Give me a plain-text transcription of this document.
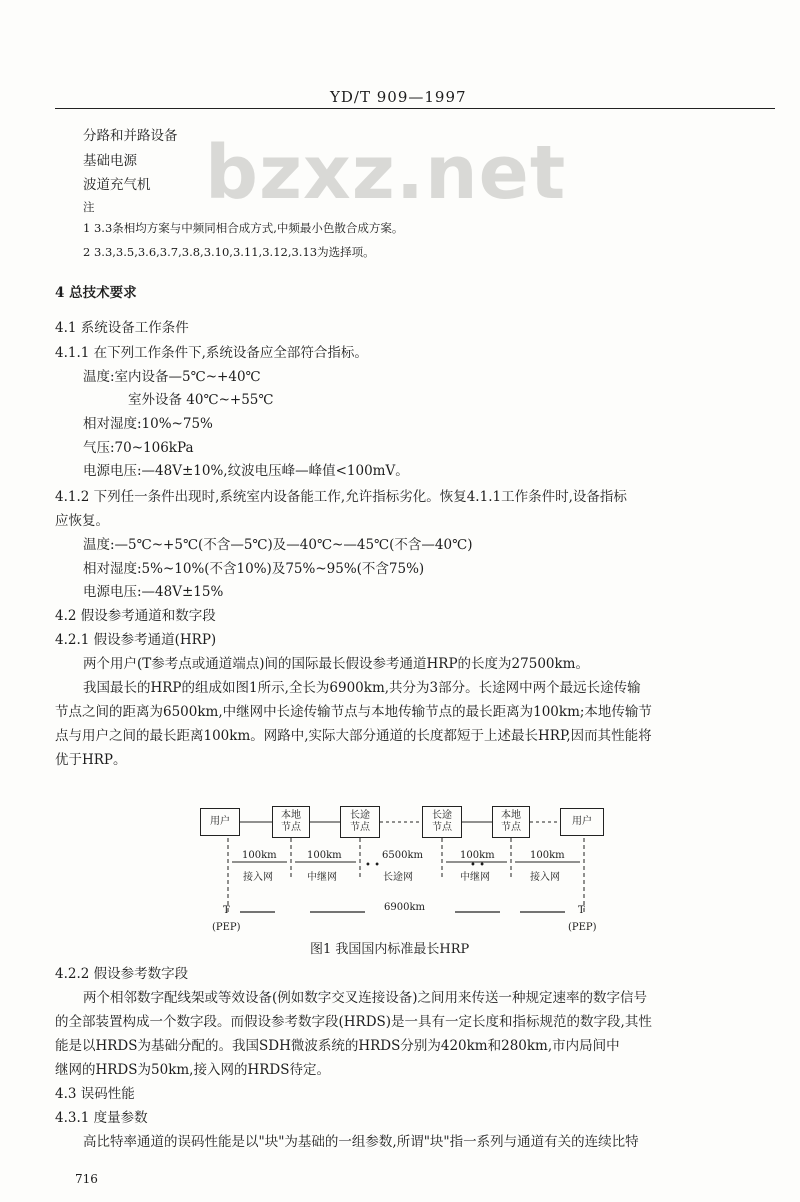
YD/T 909—1997
bzxz.net
分路和并路设备
基础电源
波道充气机
注
1 3.3条相均方案与中频同相合成方式,中频最小色散合成方案。
2 3.3,3.5,3.6,3.7,3.8,3.10,3.11,3.12,3.13为选择项。
4 总技术要求
4.1 系统设备工作条件
4.1.1 在下列工作条件下,系统设备应全部符合指标。
温度:室内设备—5℃~+40℃
室外设备 40℃~+55℃
相对湿度:10%~75%
气压:70~106kPa
电源电压:—48V±10%,纹波电压峰—峰值<100mV。
4.1.2 下列任一条件出现时,系统室内设备能工作,允许指标劣化。恢复4.1.1工作条件时,设备指标
应恢复。
温度:—5℃~+5℃(不含—5℃)及—40℃~—45℃(不含—40℃)
相对湿度:5%~10%(不含10%)及75%~95%(不含75%)
电源电压:—48V±15%
4.2 假设参考通道和数字段
4.2.1 假设参考通道(HRP)
两个用户(T参考点或通道端点)间的国际最长假设参考通道HRP的长度为27500km。
我国最长的HRP的组成如图1所示,全长为6900km,共分为3部分。长途网中两个最远长途传输
节点之间的距离为6500km,中继网中长途传输节点与本地传输节点的最长距离为100km;本地传输节
点与用户之间的最长距离100km。网路中,实际大部分通道的长度都短于上述最长HRP,因而其性能将
优于HRP。
用户
本地
节点
长途
节点
长途
节点
本地
节点
用户
100km
接入网
100km
中继网
6500km
长途网
100km
中继网
100km
接入网
• •	• •
6900km
T
(PEP)
T
(PEP)
图1 我国国内标准最长HRP
4.2.2 假设参考数字段
两个相邻数字配线架或等效设备(例如数字交叉连接设备)之间用来传送一种规定速率的数字信号
的全部装置构成一个数字段。而假设参考数字段(HRDS)是一具有一定长度和指标规范的数字段,其性
能是以HRDS为基础分配的。我国SDH微波系统的HRDS分别为420km和280km,市内局间中
继网的HRDS为50km,接入网的HRDS待定。
4.3 误码性能
4.3.1 度量参数
高比特率通道的误码性能是以"块"为基础的一组参数,所谓"块"指一系列与通道有关的连续比特
716
